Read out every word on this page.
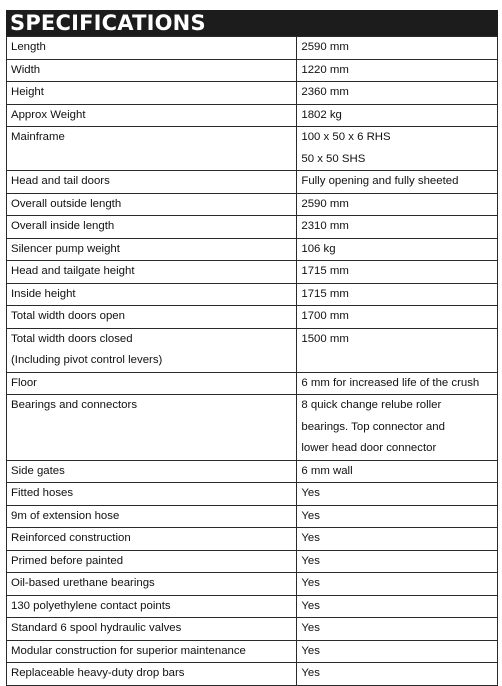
SPECIFICATIONS
Length	2590 mm

Width	1220 mm

Height	2360 mm

Approx Weight	1802 kg

Mainframe	100 x 50 x 6 RHS
50 x 50 SHS

Head and tail doors	Fully opening and fully sheeted

Overall outside length	2590 mm

Overall inside length	2310 mm

Silencer pump weight	106 kg

Head and tailgate height	1715 mm

Inside height	1715 mm

Total width doors open	1700 mm

Total width doors closed
(Including pivot control levers)	1500 mm

Floor	6 mm for increased life of the crush

Bearings and connectors	8 quick change relube roller
bearings. Top connector and
lower head door connector

Side gates	6 mm wall

Fitted hoses	Yes

9m of extension hose	Yes

Reinforced construction	Yes

Primed before painted	Yes

Oil-based urethane bearings	Yes

130 polyethylene contact points	Yes

Standard 6 spool hydraulic valves	Yes

Modular construction for superior maintenance	Yes

Replaceable heavy-duty drop bars	Yes
